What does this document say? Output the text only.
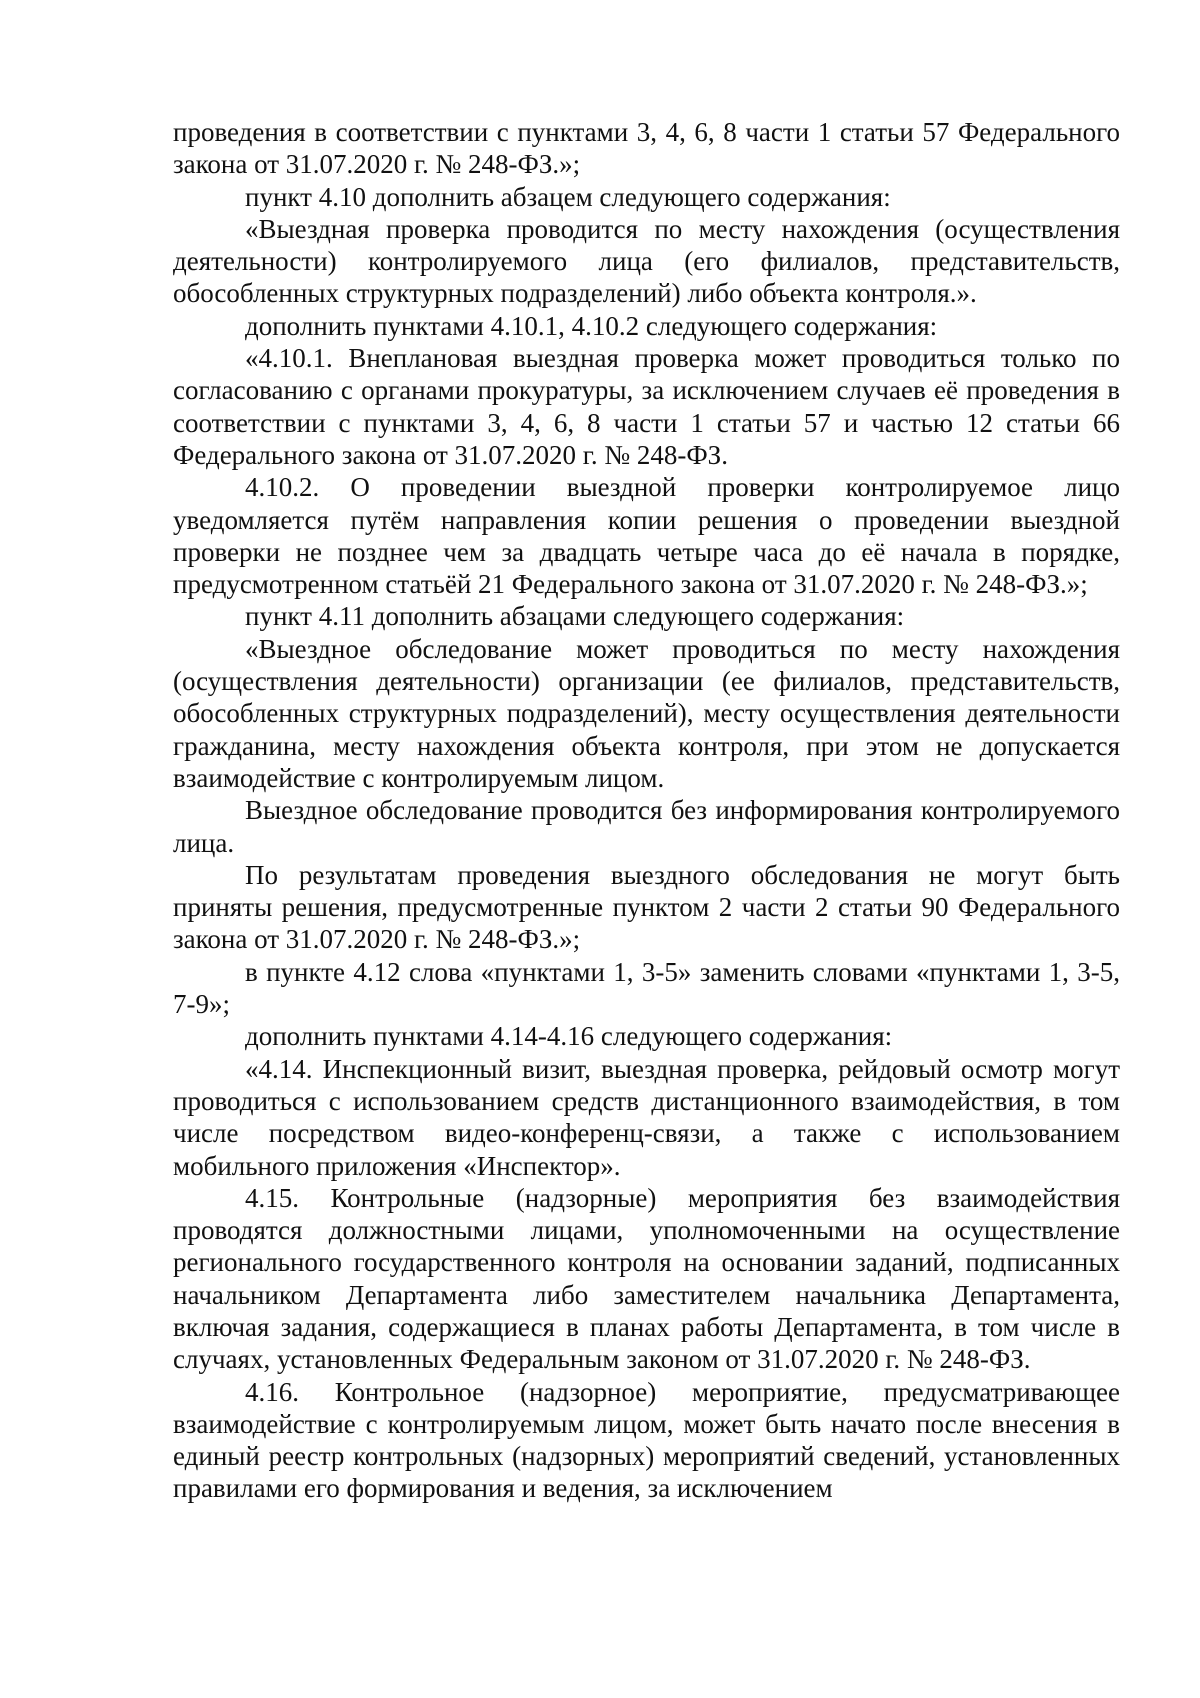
проведения в соответствии с пунктами 3, 4, 6, 8 части 1 статьи 57 Федерального закона от 31.07.2020 г. № 248-ФЗ.»;

пункт 4.10 дополнить абзацем следующего содержания:

«Выездная проверка проводится по месту нахождения (осуществления деятельности) контролируемого лица (его филиалов, представительств, обособленных структурных подразделений) либо объекта контроля.».

дополнить пунктами 4.10.1, 4.10.2 следующего содержания:

«4.10.1. Внеплановая выездная проверка может проводиться только по согласованию с органами прокуратуры, за исключением случаев её проведения в соответствии с пунктами 3, 4, 6, 8 части 1 статьи 57 и частью 12 статьи 66 Федерального закона от 31.07.2020 г. № 248-ФЗ.

4.10.2. О проведении выездной проверки контролируемое лицо уведомляется путём направления копии решения о проведении выездной проверки не позднее чем за двадцать четыре часа до её начала в порядке, предусмотренном статьёй 21 Федерального закона от 31.07.2020 г. № 248-ФЗ.»;

пункт 4.11 дополнить абзацами следующего содержания:

«Выездное обследование может проводиться по месту нахождения (осуществления деятельности) организации (ее филиалов, представительств, обособленных структурных подразделений), месту осуществления деятельности гражданина, месту нахождения объекта контроля, при этом не допускается взаимодействие с контролируемым лицом.

Выездное обследование проводится без информирования контролируемого лица.

По результатам проведения выездного обследования не могут быть приняты решения, предусмотренные пунктом 2 части 2 статьи 90 Федерального закона от 31.07.2020 г. № 248-ФЗ.»;

в пункте 4.12 слова «пунктами 1, 3-5» заменить словами «пунктами 1, 3-5, 7-9»;

дополнить пунктами 4.14-4.16 следующего содержания:

«4.14. Инспекционный визит, выездная проверка, рейдовый осмотр могут проводиться с использованием средств дистанционного взаимодействия, в том числе посредством видео-конференц-связи, а также с использованием мобильного приложения «Инспектор».

4.15. Контрольные (надзорные) мероприятия без взаимодействия проводятся должностными лицами, уполномоченными на осуществление регионального государственного контроля на основании заданий, подписанных начальником Департамента либо заместителем начальника Департамента, включая задания, содержащиеся в планах работы Департамента, в том числе в случаях, установленных Федеральным законом от 31.07.2020 г. № 248-ФЗ.

4.16. Контрольное (надзорное) мероприятие, предусматривающее взаимодействие с контролируемым лицом, может быть начато после внесения в единый реестр контрольных (надзорных) мероприятий сведений, установленных правилами его формирования и ведения, за исключением
